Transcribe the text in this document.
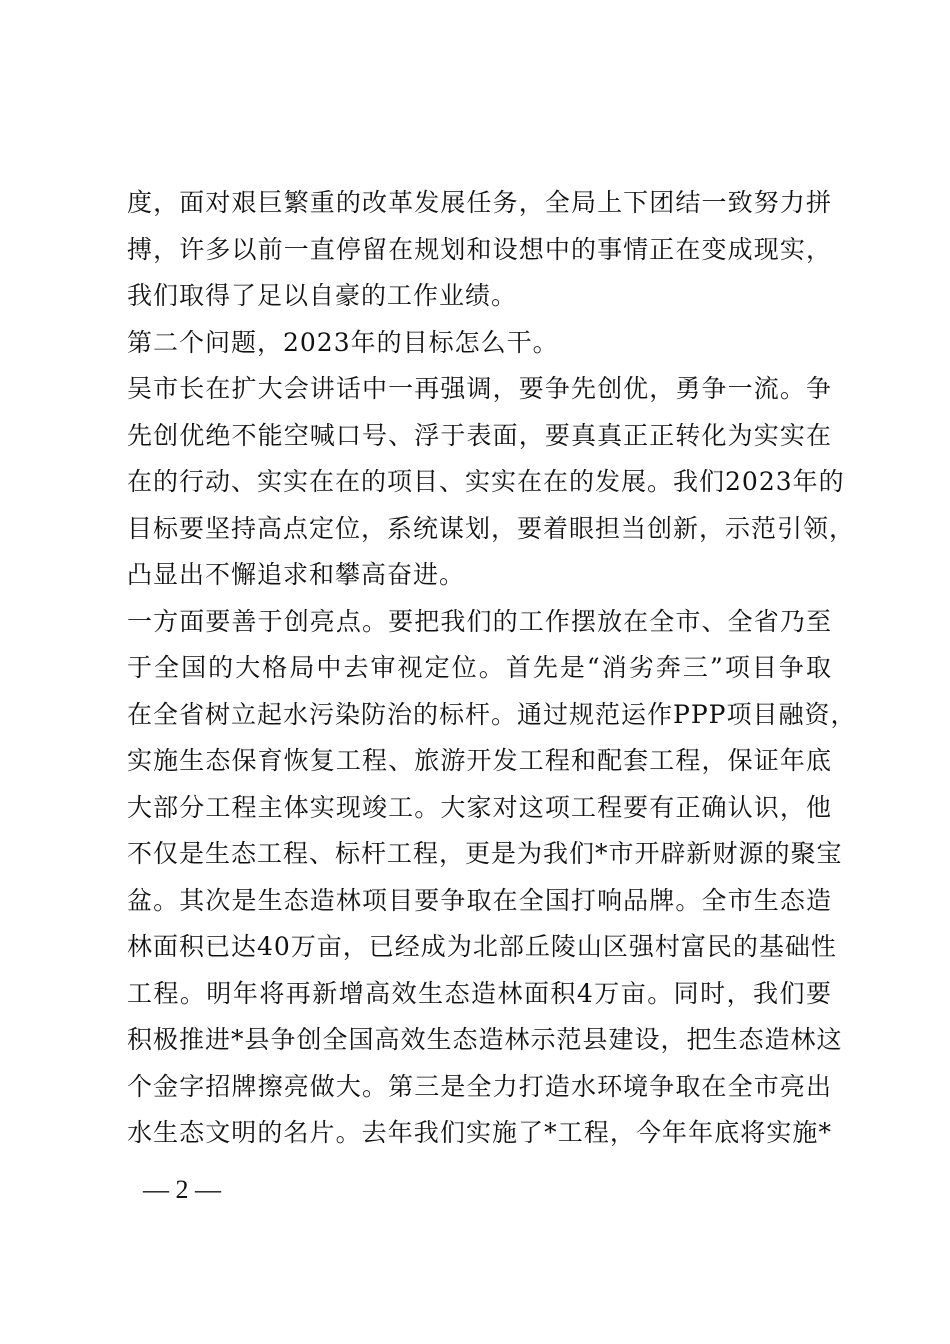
度，面对艰巨繁重的改革发展任务，全局上下团结一致努力拼
搏，许多以前一直停留在规划和设想中的事情正在变成现实，
我们取得了足以自豪的工作业绩。
第二个问题，2023年的目标怎么干。
吴市长在扩大会讲话中一再强调，要争先创优，勇争一流。争
先创优绝不能空喊口号、浮于表面，要真真正正转化为实实在
在的行动、实实在在的项目、实实在在的发展。我们2023年的
目标要坚持高点定位，系统谋划，要着眼担当创新，示范引领，
凸显出不懈追求和攀高奋进。
一方面要善于创亮点。要把我们的工作摆放在全市、全省乃至
于全国的大格局中去审视定位。首先是“消劣奔三”项目争取
在全省树立起水污染防治的标杆。通过规范运作PPP项目融资，
实施生态保育恢复工程、旅游开发工程和配套工程，保证年底
大部分工程主体实现竣工。大家对这项工程要有正确认识，他
不仅是生态工程、标杆工程，更是为我们*市开辟新财源的聚宝
盆。其次是生态造林项目要争取在全国打响品牌。全市生态造
林面积已达40万亩，已经成为北部丘陵山区强村富民的基础性
工程。明年将再新增高效生态造林面积4万亩。同时，我们要
积极推进*县争创全国高效生态造林示范县建设，把生态造林这
个金字招牌擦亮做大。第三是全力打造水环境争取在全市亮出
水生态文明的名片。去年我们实施了*工程，今年年底将实施*
— 2 —
